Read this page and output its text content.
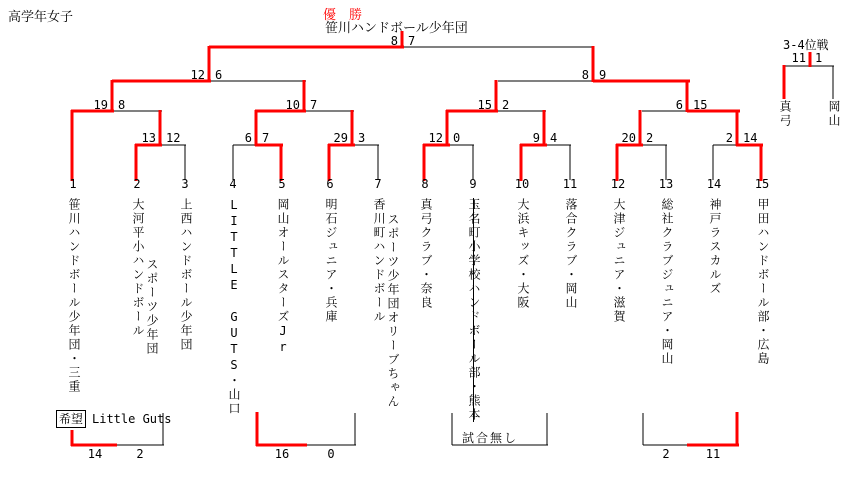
高学年女子	優　勝
笹川ハンドボール少年団
8 7
12 6	8 9
19 8	10 7	15 2	6 15
13 12	6 7	29 3	12 0	9 4	20 2	2 14
1	2	3	4	5	6	7	8	9	10	11	12	13	14	15
笹川ハンドボール少年団・三重	大河平小ハンドボール スポーツ少年団 上西ハンドボール少年団	LITTLE GUTS・山口	岡山オールスターズJr	明石ジュニア・兵庫	香川町ハンドボール スポーツ少年団オリーブちゃん 真弓クラブ・奈良	玉名町小学校ハンドボール部・熊本	大浜キッズ・大阪	落合クラブ・岡山	大津ジュニア・滋賀	総社クラブジュニア・岡山	神戸ラスカルズ	甲田ハンドボール部・広島
3-4位戦
11 1
真弓	岡山
希望 Little Guts
14	2	16	0
試合無し
2	11
